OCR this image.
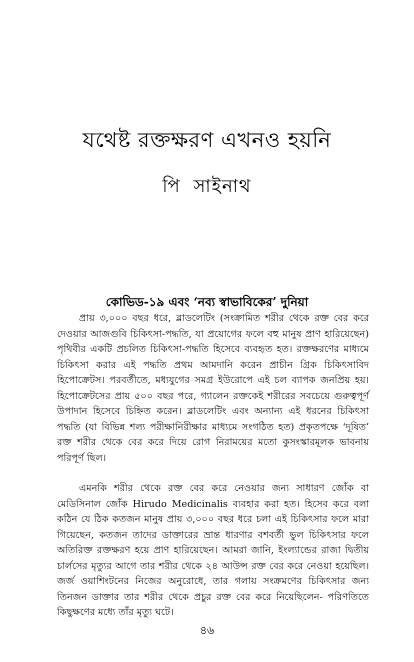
যথেষ্ট রক্তক্ষরণ এখনও হয়নি
পি সাইনাথ
কোভিড-১৯ এবং ‘নব্য স্বাভাবিকের’ দুনিয়া

প্রায় ৩,০০০ বছর ধরে, ব্লাডলেটিং (সংক্রামিত শরীর থেকে রক্ত বের করে দেওয়ার আজগুবি চিকিৎসা-পদ্ধতি, যা প্রয়োগের ফলে বহু মানুষ প্রাণ হারিয়েছেন) পৃথিবীর একটি প্রচলিত চিকিৎসা-পদ্ধতি হিসেবে ব্যবহৃত হত। রক্তক্ষরণের মাধ্যমে চিকিৎসা করার এই পদ্ধতি প্রথম আমদানি করেন প্রাচীন গ্রিক চিকিৎসাবিদ হিপোক্রেটস। পরবর্তীতে, মধ্যযুগের সমগ্র ইউরোপে এই চল ব্যাপক জনপ্রিয় হয়। হিপোক্রেটসের প্রায় ৫০০ বছর পরে, গ্যালেন রক্তকেই শরীরের সবচেয়ে গুরুত্বপূর্ণ উপাদান হিসেবে চিহ্নিত করেন। ব্লাডলেটিং এবং অন্যান্য এই ধরনের চিকিৎসা পদ্ধতি (যা বিভিন্ন শল্য পরীক্ষানিরীক্ষার মাধ্যমে সংগঠিত হত) প্রকৃতপক্ষে ‘দূষিত’ রক্ত শরীর থেকে বের করে দিয়ে রোগ নিরাময়ের মতো কুসংস্কারমূলক ভাবনায় পরিপূর্ণ ছিল।

এমনকি শরীর থেকে রক্ত বের করে নেওয়ার জন্য সাধারণ জোঁক বা মেডিসিনাল জোঁক Hirudo Medicinalis ব্যবহার করা হত। হিসেব করে বলা কঠিন যে ঠিক কতজন মানুষ প্রায় ৩,০০০ বছর ধরে চলা এই চিকিৎসার ফলে মারা গিয়েছেন, কতজন তাদের ডাক্তারের ভ্রান্ত ধারণার বশবর্তী ভুল চিকিৎসার ফলে অতিরিক্ত রক্তক্ষরণ হয়ে প্রাণ হারিয়েছেন। আমরা জানি, ইংল্যান্ডের রাজা দ্বিতীয় চার্লসের মৃত্যুর আগে তার শরীর থেকে ২৪ আউন্স রক্ত বের করে নেওয়া হয়েছিল। জর্জ ওয়াশিংটনের নিজের অনুরোধে, তার গলায় সংক্রমণের চিকিৎসার জন্য তিনজন ডাক্তার তার শরীর থেকে প্রচুর রক্ত বের করে নিয়েছিলেন- পরিণতিতে কিছুক্ষণের মধ্যে তাঁর মৃত্যু ঘটে।

৪৬
